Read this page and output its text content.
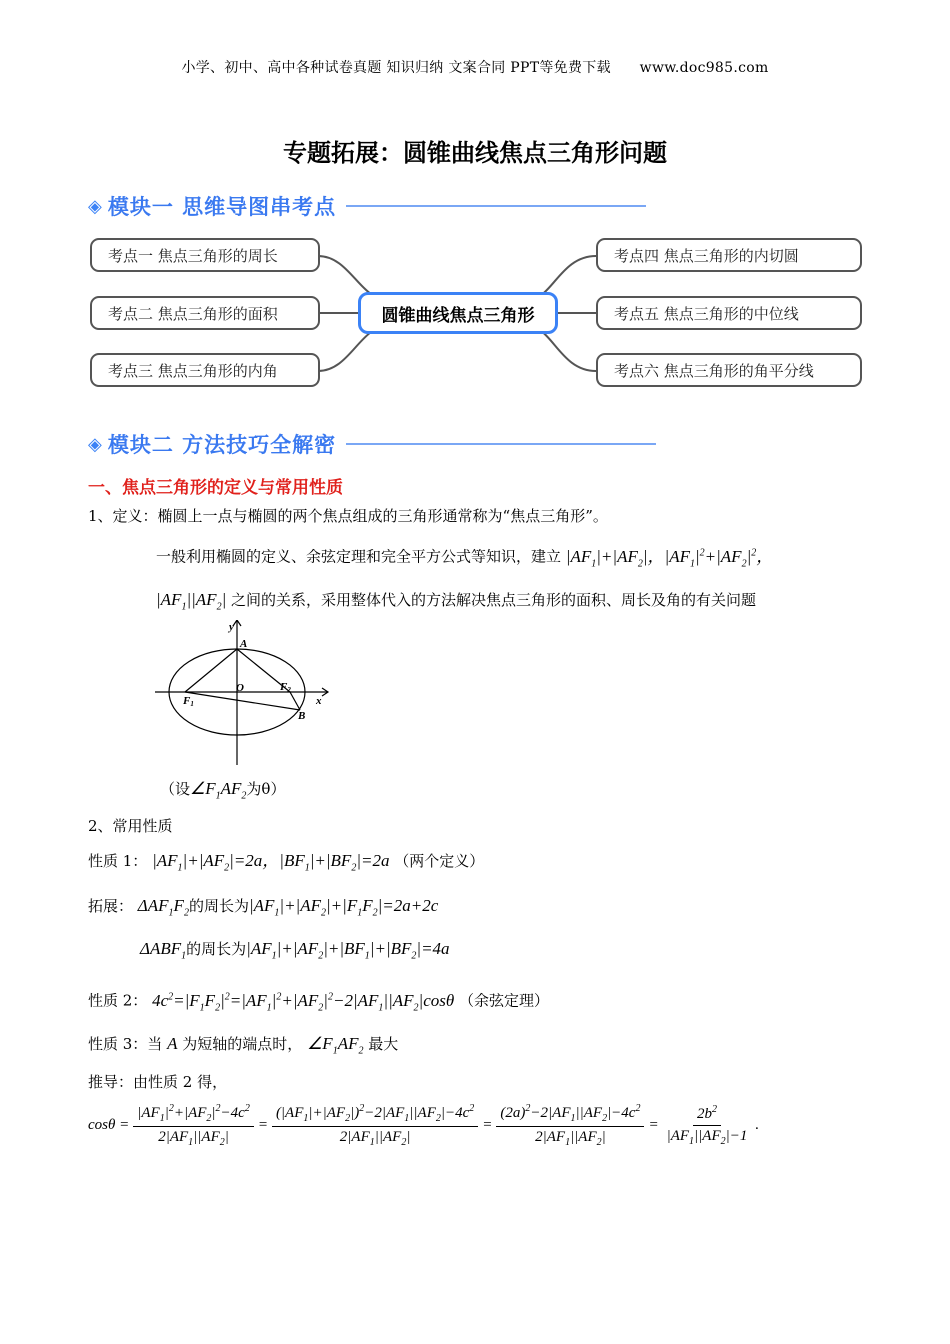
小学、初中、高中各种试卷真题 知识归纳 文案合同 PPT等免费下载 www.doc985.com
专题拓展：圆锥曲线焦点三角形问题
◈ 模块一 思维导图串考点
考点一 焦点三角形的周长
考点二 焦点三角形的面积
考点三 焦点三角形的内角
圆锥曲线焦点三角形
考点四 焦点三角形的内切圆
考点五 焦点三角形的中位线
考点六 焦点三角形的角平分线
◈ 模块二 方法技巧全解密
一、焦点三角形的定义与常用性质
1、定义：椭圆上一点与椭圆的两个焦点组成的三角形通常称为“焦点三角形”。
一般利用椭圆的定义、余弦定理和完全平方公式等知识，建立 $|AF_1|+|AF_2|$，$|AF_1|^2+|AF_2|^2$，
$|AF_1||AF_2|$ 之间的关系，采用整体代入的方法解决焦点三角形的面积、周长及角的有关问题
y
A
O	F2
x
F1
B
（设$\angle F_1AF_2$为θ）
2、常用性质
性质 1： $|AF_1|+|AF_2|=2a$，$|BF_1|+|BF_2|=2a$ （两个定义）
拓展： $\Delta AF_1F_2$的周长为$|AF_1|+|AF_2|+|F_1F_2|=2a+2c$
$\Delta ABF_1$的周长为$|AF_1|+|AF_2|+|BF_1|+|BF_2|=4a$
性质 2： $4c^2=|F_1F_2|^2=|AF_1|^2+|AF_2|^2-2|AF_1||AF_2|\cos\theta$ （余弦定理）
性质 3：当 A 为短轴的端点时， $\angle F_1AF_2$ 最大
推导：由性质 2 得，
$\cos\theta = \frac{|AF_1|^2+|AF_2|^2-4c^2}{2|AF_1||AF_2|} = \frac{(|AF_1|+|AF_2|)^2-2|AF_1||AF_2|-4c^2}{2|AF_1||AF_2|} = \frac{(2a)^2-2|AF_1||AF_2|-4c^2}{2|AF_1||AF_2|} = \frac{2b^2}{|AF_1||AF_2|-1}$ .
